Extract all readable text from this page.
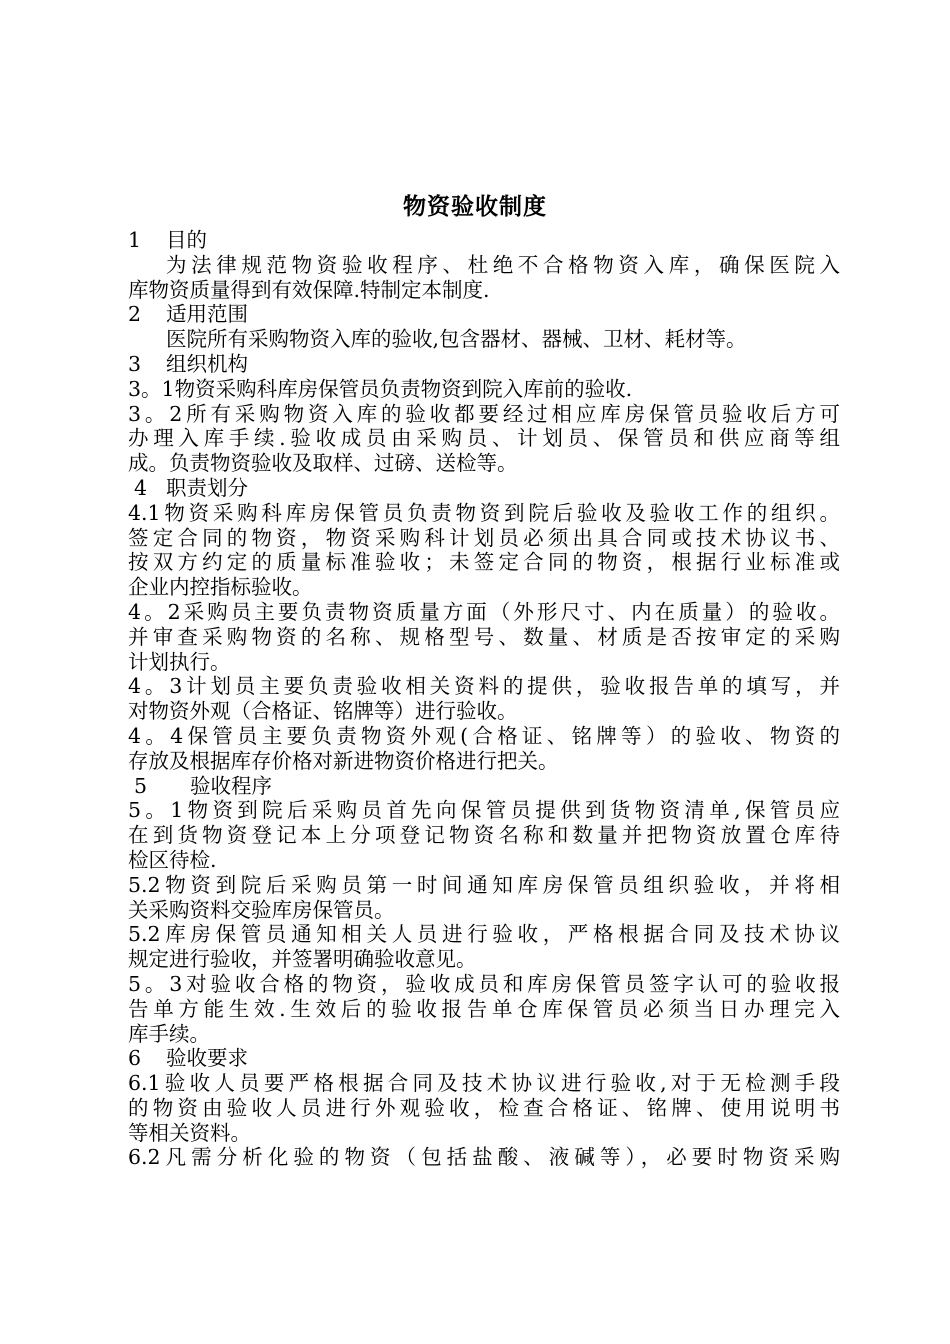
物资验收制度
1 目的
为法律规范物资验收程序、杜绝不合格物资入库，确保医院入
库物资质量得到有效保障.特制定本制度.
2 适用范围
医院所有采购物资入库的验收,包含器材、器械、卫材、耗材等。
3 组织机构
3。1物资采购科库房保管员负责物资到院入库前的验收.
3。2所有采购物资入库的验收都要经过相应库房保管员验收后方可
办理入库手续.验收成员由采购员、计划员、保管员和供应商等组
成。负责物资验收及取样、过磅、送检等。
4 职责划分
4.1物资采购科库房保管员负责物资到院后验收及验收工作的组织。
签定合同的物资，物资采购科计划员必须出具合同或技术协议书、
按双方约定的质量标准验收；未签定合同的物资，根据行业标准或
企业内控指标验收。
4。2采购员主要负责物资质量方面（外形尺寸、内在质量）的验收。
并审查采购物资的名称、规格型号、数量、材质是否按审定的采购
计划执行。
4。3计划员主要负责验收相关资料的提供，验收报告单的填写，并
对物资外观（合格证、铭牌等）进行验收。
4。4保管员主要负责物资外观(合格证、铭牌等）的验收、物资的
存放及根据库存价格对新进物资价格进行把关。
5 验收程序
5。1物资到院后采购员首先向保管员提供到货物资清单,保管员应
在到货物资登记本上分项登记物资名称和数量并把物资放置仓库待
检区待检.
5.2物资到院后采购员第一时间通知库房保管员组织验收，并将相
关采购资料交验库房保管员。
5.2库房保管员通知相关人员进行验收，严格根据合同及技术协议
规定进行验收，并签署明确验收意见。
5。3对验收合格的物资，验收成员和库房保管员签字认可的验收报
告单方能生效.生效后的验收报告单仓库保管员必须当日办理完入
库手续。
6 验收要求
6.1验收人员要严格根据合同及技术协议进行验收,对于无检测手段
的物资由验收人员进行外观验收，检查合格证、铭牌、使用说明书
等相关资料。
6.2凡需分析化验的物资（包括盐酸、液碱等），必要时物资采购
